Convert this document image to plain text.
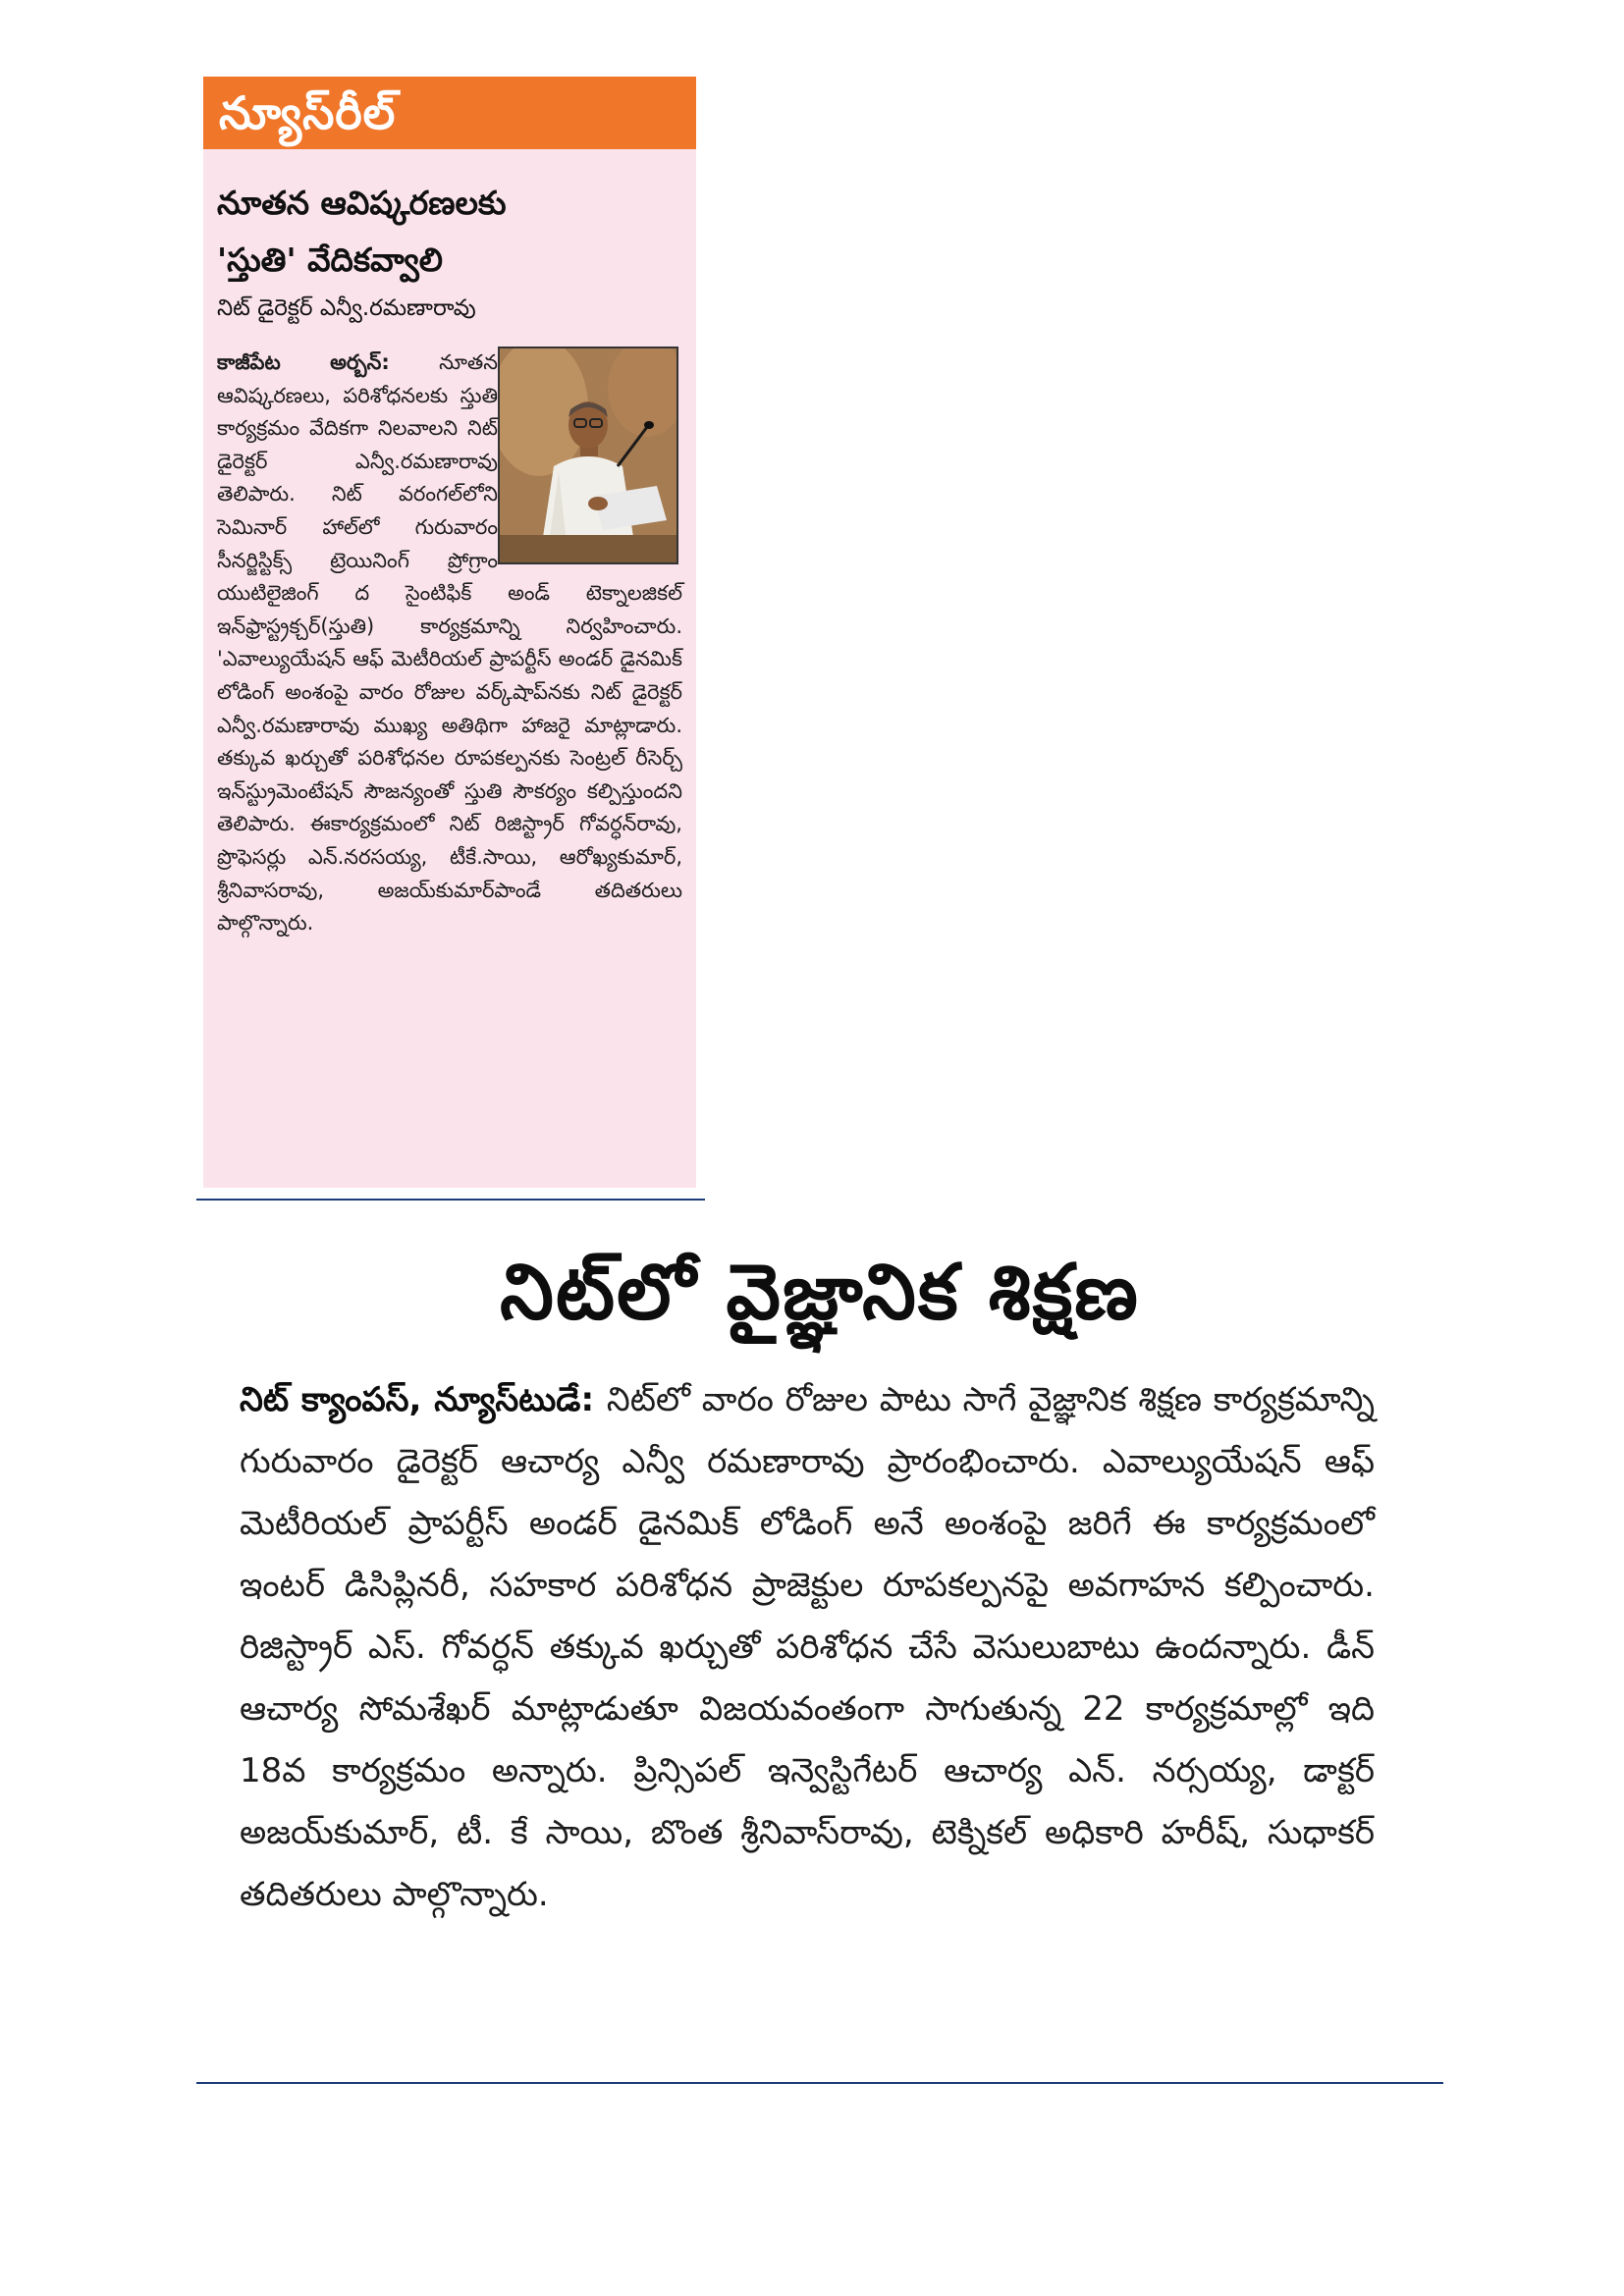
న్యూస్‌రీల్
నూతన ఆవిష్కరణలకు
'స్తుతి' వేదికవ్వాలి
నిట్ డైరెక్టర్ ఎన్వీ.రమణారావు
కాజీపేట అర్బన్: నూతన ఆవిష్కరణలు, పరిశోధనలకు స్తుతి కార్యక్రమం వేదికగా నిలవాలని నిట్ డైరెక్టర్ ఎన్వీ.రమణారావు తెలిపారు. నిట్ వరంగల్‌లోని సెమినార్ హాల్‌లో గురువారం సీనర్జిస్టిక్స్ ట్రెయినింగ్ ప్రోగ్రాం యుటిలైజింగ్ ద సైంటిఫిక్ అండ్ టెక్నాలజికల్ ఇన్‌ఫ్రాస్ట్రక్చర్(స్తుతి) కార్యక్రమాన్ని నిర్వహించారు. 'ఎవాల్యుయేషన్ ఆఫ్ మెటీరియల్ ప్రాపర్టీస్ అండర్ డైనమిక్ లోడింగ్ అంశంపై వారం రోజుల వర్క్‌షాప్‌నకు నిట్ డైరెక్టర్ ఎన్వీ.రమణారావు ముఖ్య అతిథిగా హాజరై మాట్లాడారు. తక్కువ ఖర్చుతో పరిశోధనల రూపకల్పనకు సెంట్రల్ రీసెర్చ్ ఇన్‌స్ట్రుమెంటేషన్ సౌజన్యంతో స్తుతి సౌకర్యం కల్పిస్తుందని తెలిపారు. ఈకార్యక్రమంలో నిట్ రిజిస్ట్రార్ గోవర్ధన్‌రావు, ప్రొఫెసర్లు ఎన్.నరసయ్య, టీకే.సాయి, ఆరోఖ్యకుమార్, శ్రీనివాసరావు, అజయ్‌కుమార్‌పాండే తదితరులు పాల్గొన్నారు.
నిట్‌లో వైజ్ఞానిక శిక్షణ
నిట్ క్యాంపస్, న్యూస్‌టుడే: నిట్‌లో వారం రోజుల పాటు సాగే వైజ్ఞానిక శిక్షణ కార్యక్రమాన్ని గురువారం డైరెక్టర్ ఆచార్య ఎన్వీ రమణారావు ప్రారంభించారు. ఎవాల్యుయేషన్ ఆఫ్ మెటీరియల్ ప్రాపర్టీస్ అండర్ డైనమిక్ లోడింగ్ అనే అంశంపై జరిగే ఈ కార్యక్రమంలో ఇంటర్ డిసిప్లినరీ, సహకార పరిశోధన ప్రాజెక్టుల రూపకల్పనపై అవగాహన కల్పించారు. రిజిస్ట్రార్ ఎస్. గోవర్ధన్ తక్కువ ఖర్చుతో పరిశోధన చేసే వెసులుబాటు ఉందన్నారు. డీన్ ఆచార్య సోమశేఖర్ మాట్లాడుతూ విజయవంతంగా సాగుతున్న 22 కార్యక్రమాల్లో ఇది 18వ కార్యక్రమం అన్నారు. ప్రిన్సిపల్ ఇన్వెస్టిగేటర్ ఆచార్య ఎన్. నర్సయ్య, డాక్టర్ అజయ్‌కుమార్, టీ. కే సాయి, బొంత శ్రీనివాస్‌రావు, టెక్నికల్ అధికారి హరీష్, సుధాకర్ తదితరులు పాల్గొన్నారు.
